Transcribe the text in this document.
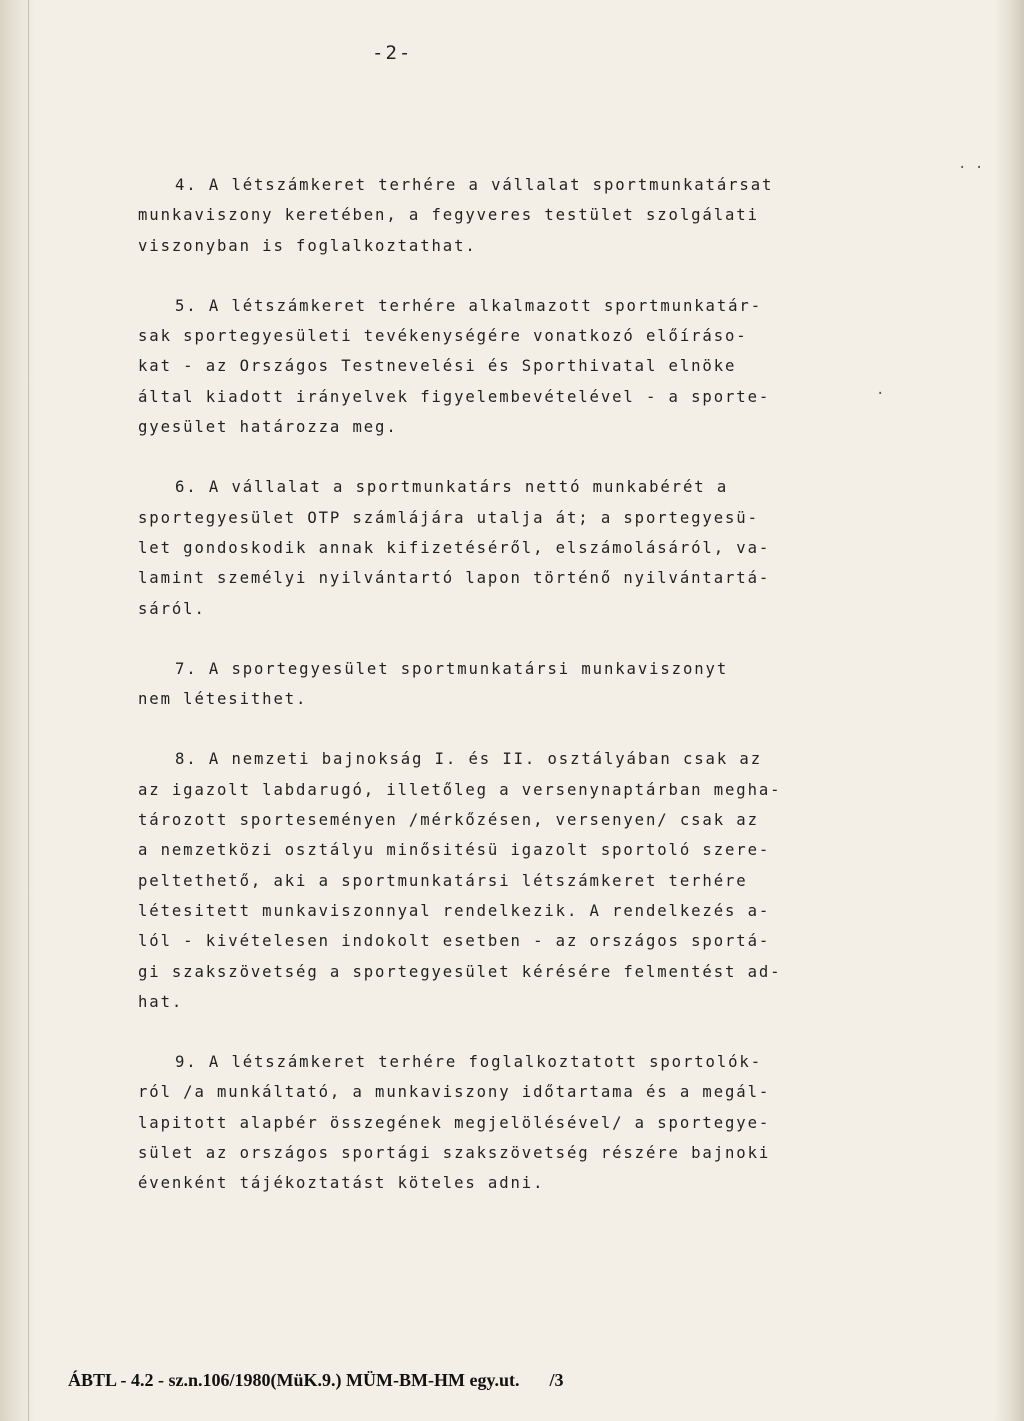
-2-
4. A létszámkeret terhére a vállalat sportmunkatársat
munkaviszony keretében, a fegyveres testület szolgálati
viszonyban is foglalkoztathat.
5. A létszámkeret terhére alkalmazott sportmunkatár-
sak sportegyesületi tevékenységére vonatkozó előíráso-
kat - az Országos Testnevelési és Sporthivatal elnöke
által kiadott irányelvek figyelembevételével - a sporte-
gyesület határozza meg.
6. A vállalat a sportmunkatárs nettó munkabérét a
sportegyesület OTP számlájára utalja át; a sportegyesü-
let gondoskodik annak kifizetéséről, elszámolásáról, va-
lamint személyi nyilvántartó lapon történő nyilvántartá-
sáról.
7. A sportegyesület sportmunkatársi munkaviszonyt
nem létesithet.
8. A nemzeti bajnokság I. és II. osztályában csak az
az igazolt labdarugó, illetőleg a versenynaptárban megha-
tározott sporteseményen /mérkőzésen, versenyen/ csak az
a nemzetközi osztályu minősitésü igazolt sportoló szere-
peltethető, aki a sportmunkatársi létszámkeret terhére
létesitett munkaviszonnyal rendelkezik. A rendelkezés a-
lól - kivételesen indokolt esetben - az országos sportá-
gi szakszövetség a sportegyesület kérésére felmentést ad-
hat.
9. A létszámkeret terhére foglalkoztatott sportolók-
ról /a munkáltató, a munkaviszony időtartama és a megál-
lapitott alapbér összegének megjelölésével/ a sportegye-
sület az országos sportági szakszövetség részére bajnoki
évenként tájékoztatást köteles adni.
· ·
·
ÁBTL - 4.2 - sz.n.106/1980(MüK.9.) MÜM-BM-HM egy.ut. /3
